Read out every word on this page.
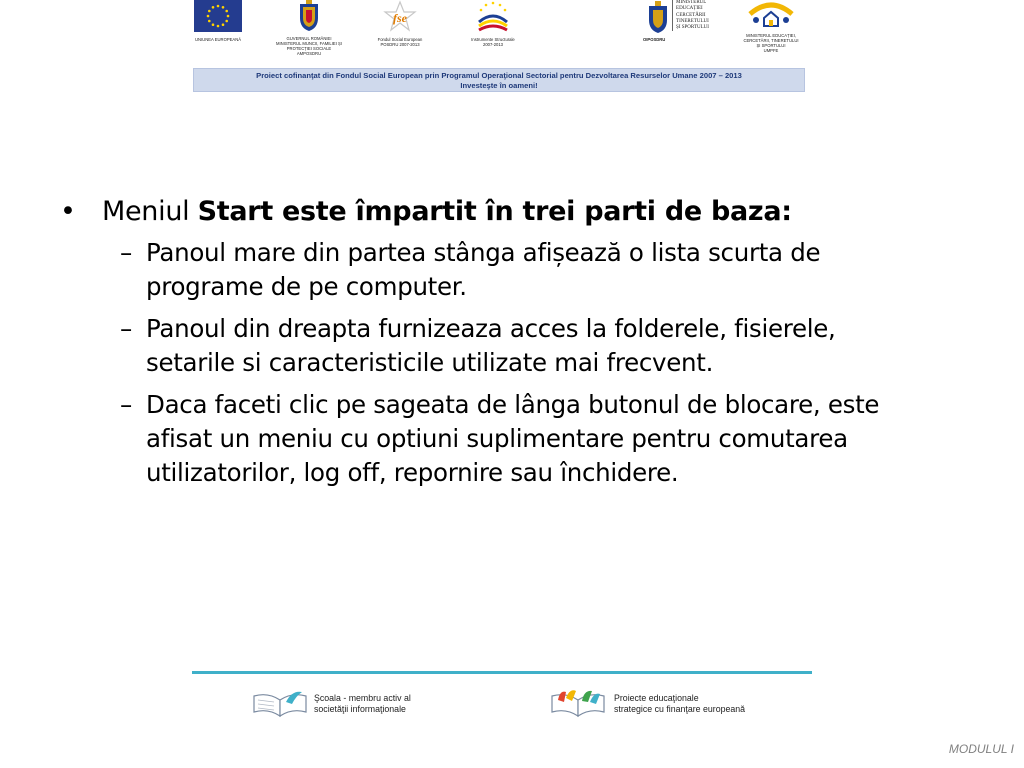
UNIUNEA EUROPEANĂ	GUVERNUL ROMÂNIEI
MINISTERUL MUNCII, FAMILIEI ȘI
PROTECȚIEI SOCIALE
AMPOSDRU
fse
Fondul Social European
POSDRU 2007-2013
Instrumente Structurale
2007-2013
MINISTERUL
EDUCAȚIEI
CERCETĂRII
TINERETULUI
ȘI SPORTULUI
OIPOSDRU
MINISTERUL EDUCAȚIEI,
CERCETĂRII, TINERETULUI
ȘI SPORTULUI
UMPFE
Proiect cofinanţat din Fondul Social European prin Programul Operaţional Sectorial pentru Dezvoltarea Resurselor Umane 2007 – 2013
Investeşte în oameni!
• Meniul Start este împartit în trei parti de baza:
– Panoul mare din partea stânga afișează o lista scurta de programe de pe computer.
– Panoul din dreapta furnizeaza acces la folderele, fisierele, setarile si caracteristicile utilizate mai frecvent.
– Daca faceti clic pe sageata de lânga butonul de blocare, este afisat un meniu cu optiuni suplimentare pentru comutarea utilizatorilor, log off, repornire sau închidere.
Şcoala - membru activ al
societăţii informaţionale
Proiecte educaţionale
strategice cu finanţare europeană
MODULUL I
